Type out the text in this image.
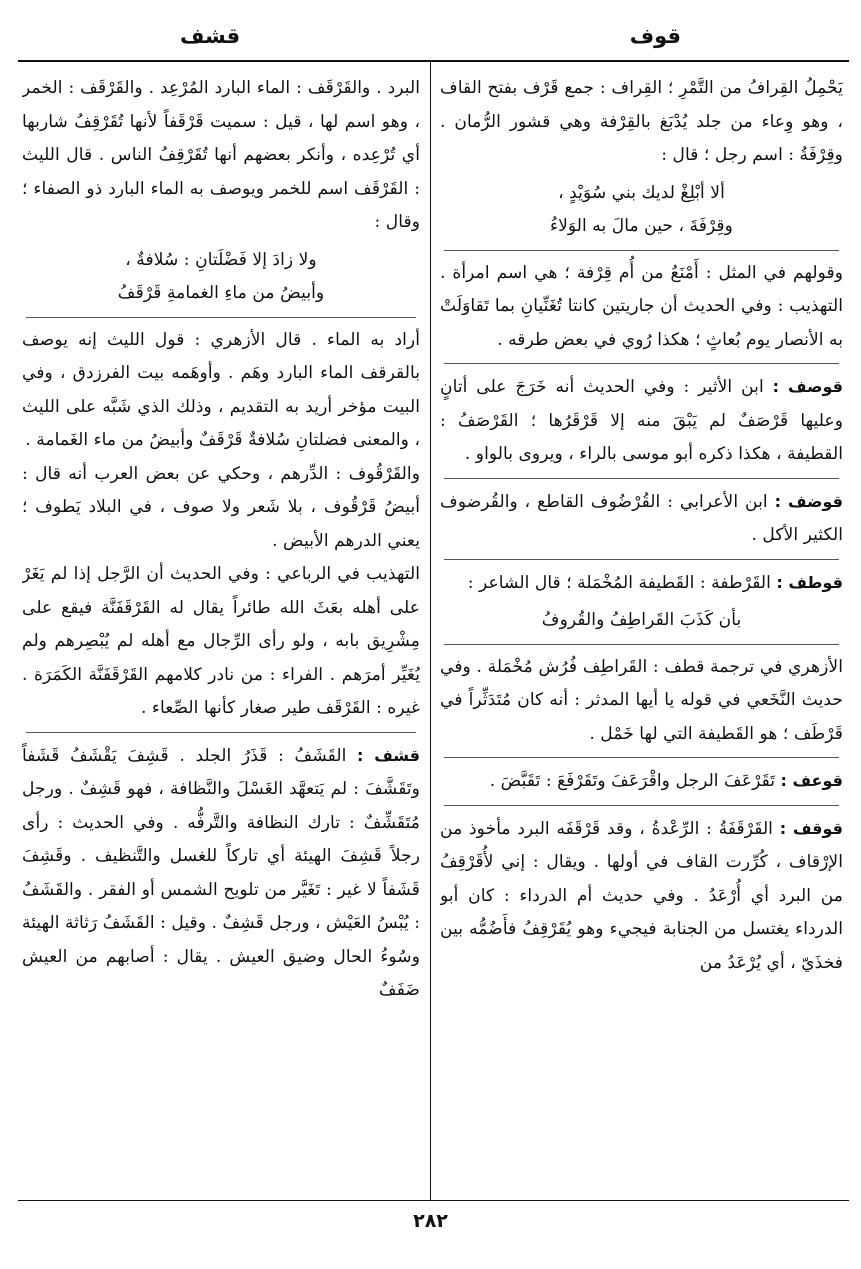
قشف	قوف

يَحْمِلُ القِرافُ من التَّمْرِ ؛ القِراف : جمع قَرْف بفتح القاف ، وهو وِعاء من جلد يُدْبَغ بالقِرْفة وهي قشور الرُّمان . وقِرْفَةُ : اسم رجل ؛ قال :

ألا أبْلِغْ لديك بني سُوَيْدٍ ،

وقِرْفَةَ ، حين مالَ به الوَلاءُ

وقولهم في المثل : أَمْنَعُ من أُم قِرْفة ؛ هي اسم امرأة . التهذيب : وفي الحديث أن جاريتين كانتا تُغَنِّيانِ بما تَقاوَلَتْ به الأنصار يوم بُعاثٍ ؛ هكذا رُوي في بعض طرقه .

قوصف : ابن الأثير : وفي الحديث أنه خَرَجَ على أتانٍ وعليها قَرْصَفٌ لم يَبْقَ منه إلا قَرْقَرُها ؛ القَرْصَفُ : القطيفة ، هكذا ذكره أبو موسى بالراء ، ويروى بالواو .

قوضف : ابن الأعرابي : القُرْضُوف القاطع ، والقُرضوف الكثير الأكل .

قوطف : القَرْطفة : القَطيفة المُخْمَلة ؛ قال الشاعر :

بأن كَذَبَ القَراطِفُ والقُروفُ

الأزهري في ترجمة قطف : القَراطِف فُرُش مُخْمَلة . وفي حديث النَّخَعي في قوله يا أيها المدثر : أنه كان مُتَدَثِّراً في قَرْطَف ؛ هو القَطيفة التي لها خَمْل .

قوعف : تَقَرْعَفَ الرجل واقْرَعَفَ وتَقَرْفَعَ : تَقَبَّضَ .

قوقف : القَرْقَفَةُ : الرِّعْدةُ ، وقد قَرْقَفَه البرد مأخوذ من الإرْقاف ، كُرِّرت القاف في أولها . ويقال : إني لأُقَرْقِفُ من البرد أي أُرْعَدُ . وفي حديث أم الدرداء : كان أبو الدرداء يغتسل من الجنابة فيجيء وهو يُقَرْقِفُ فأَضُمُّه بين فخذَيّ ، أي يُرْعَدُ من

البرد . والقَرْقَف : الماء البارد المُرْعِد . والقَرْقَف : الخمر ، وهو اسم لها ، قيل : سميت قَرْقَفاً لأنها تُقَرْقِفُ شاربها أي تُرْعِده ، وأنكر بعضهم أنها تُقَرْقِفُ الناس . قال الليث : القَرْقَف اسم للخمر ويوصف به الماء البارد ذو الصفاء ؛ وقال :

ولا زادَ إلا فَضْلَتانِ : سُلافةٌ ،

وأبيضُ من ماءِ الغمامةِ قَرْقَفُ

أراد به الماء . قال الأزهري : قول الليث إنه يوصف بالقرقف الماء البارد وهَم . وأوهَمه بيت الفرزدق ، وفي البيت مؤخر أريد به التقديم ، وذلك الذي شَبَّه على الليث ، والمعنى فضلتانِ سُلافةٌ قَرْقَفٌ وأبيضُ من ماء الغَمامة .

والقَرْقُوف : الدِّرهم ، وحكي عن بعض العرب أنه قال : أبيضُ قَرْقُوف ، بلا شَعر ولا صوف ، في البلاد يَطوف ؛ يعني الدرهم الأبيض .

التهذيب في الرباعي : وفي الحديث أن الرَّجل إذا لم يَغَرْ على أهله بعَثَ الله طائراً يقال له القَرْقَفَنَّة فيقع على مِشْرِيق بابه ، ولو رأى الرِّجال مع أهله لم يُبْصِرهم ولم يُغَيِّر أمرَهم . الفراء : من نادر كلامهم القَرْقَفَنَّة الكَمَرَة . غيره : القَرْقَف طير صغار كأنها الصِّعاء .

قشف : القَشَفُ : قَذَرُ الجلد . قَشِفَ يَقْشَفُ قَشَفاً وتَقَشَّفَ : لم يَتعهَّد الغَسْلَ والنَّظافة ، فهو قَشِفٌ . ورجل مُتَقَشِّفٌ : تارك النظافة والتَّرفُّه . وفي الحديث : رأى رجلاً قَشِفَ الهيئة أي تاركاً للغسل والتَّنظيف . وقَشِفَ قَشَفاً لا غير : تَغَيَّر من تلويح الشمس أو الفقر . والقَشَفُ : يُبْسُ العَيْش ، ورجل قَشِفٌ . وقيل : القَشَفُ رَثاثة الهيئة وسُوءُ الحال وضيق العيش . يقال : أصابهم من العيش ضَفَفٌ

٢٨٢
